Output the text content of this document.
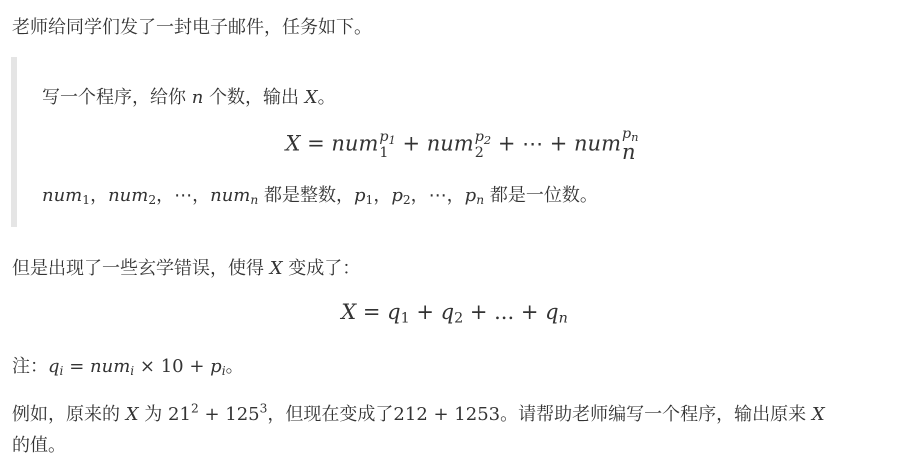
老师给同学们发了一封电子邮件，任务如下。
写一个程序，给你 n 个数，输出 X。
X = num $p_1$
1 + num $p_2$
2 + ⋯ + num $p_n$
n
num$_1$，num$_2$，⋯，num$_n$ 都是整数，$p_1$，$p_2$，⋯，$p_n$ 都是一位数。
但是出现了一些玄学错误，使得 X 变成了：
$X = q_1 + q_2$ + ... + $q_n$
注：$q_i = num_i \times 10 + p_i$。
例如，原来的 X 为 $21^2 + 125^3$，但现在变成了212 + 1253。请帮助老师编写一个程序，输出原来 X
的值。
